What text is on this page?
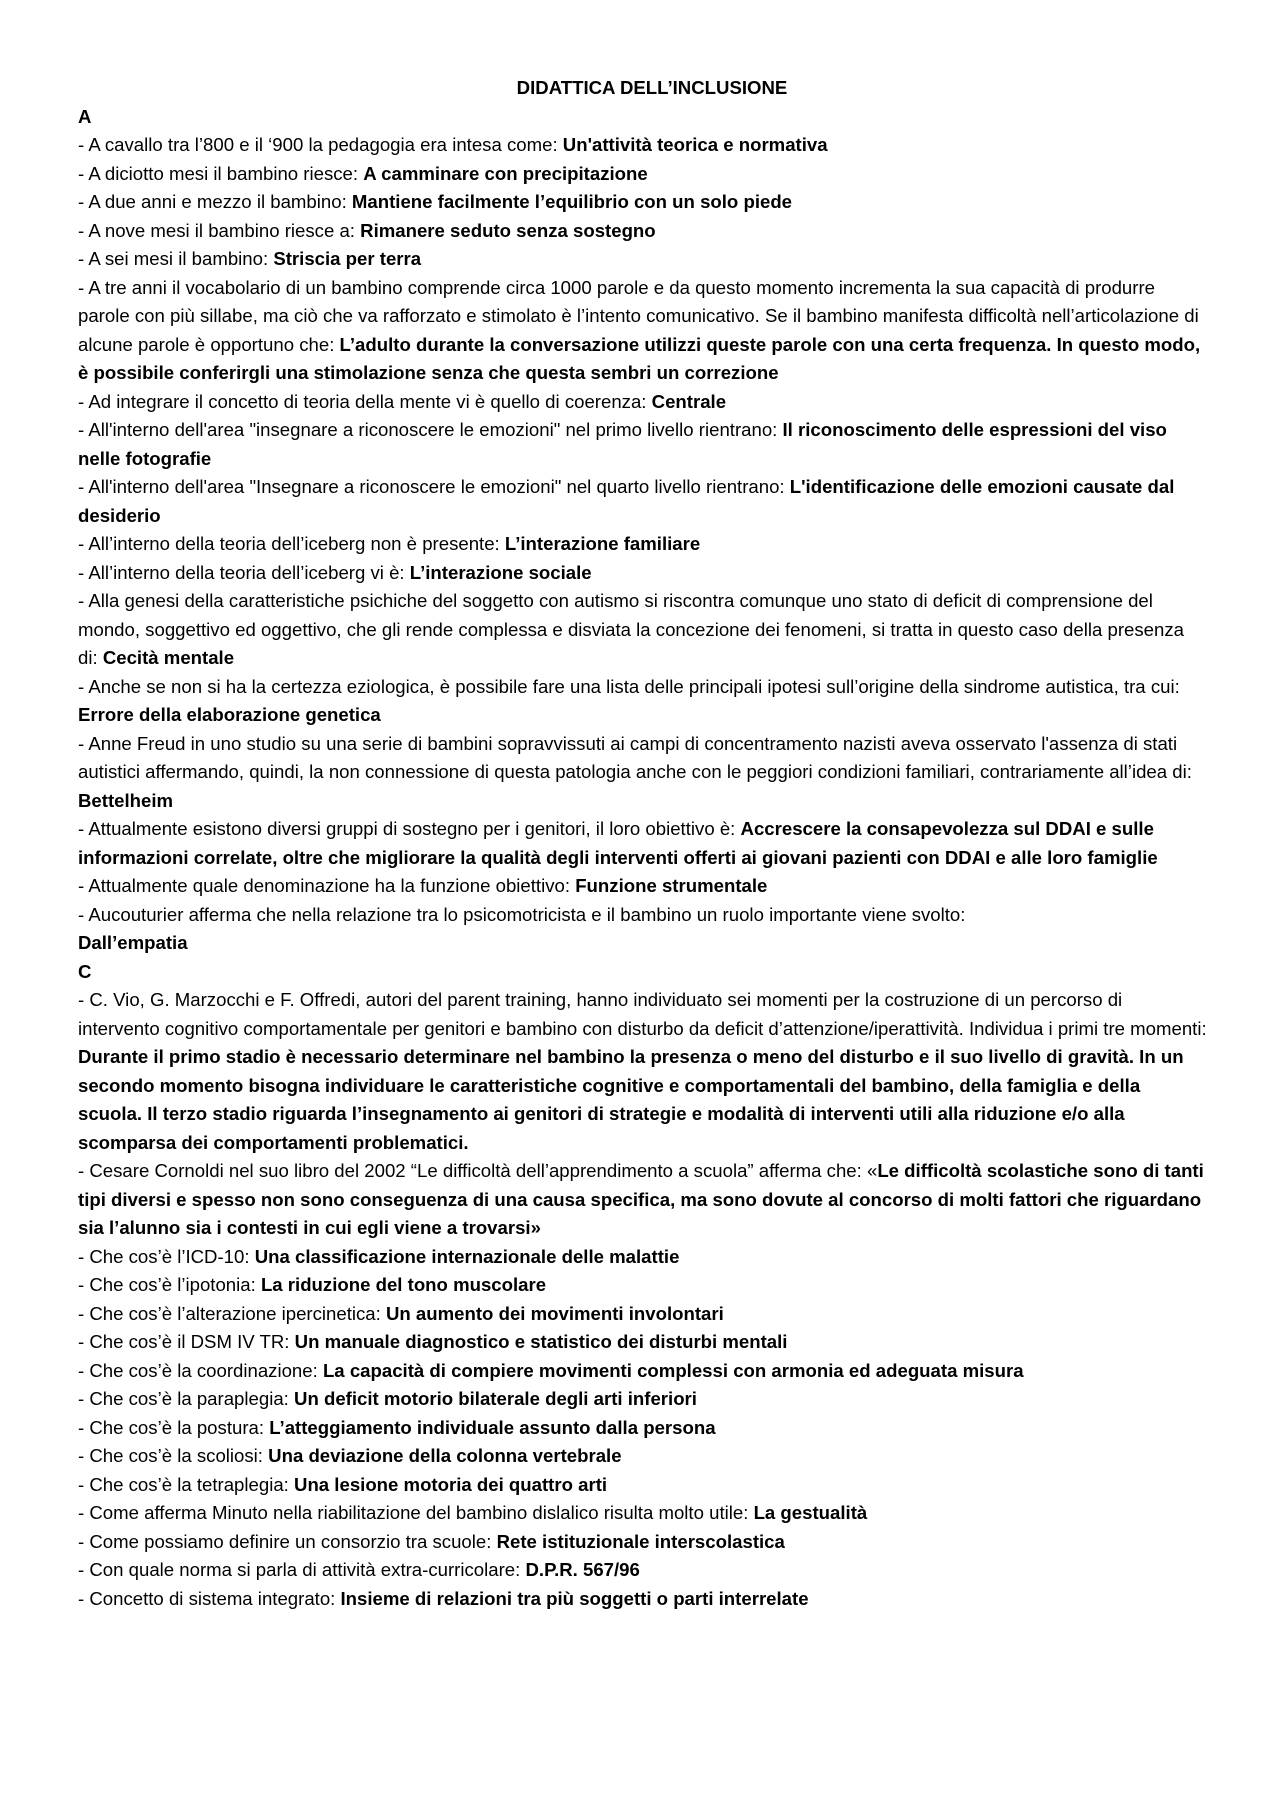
DIDATTICA DELL’INCLUSIONE

A

- A cavallo tra l’800 e il ‘900 la pedagogia era intesa come: Un'attività teorica e normativa

- A diciotto mesi il bambino riesce: A camminare con precipitazione

- A due anni e mezzo il bambino: Mantiene facilmente l’equilibrio con un solo piede

- A nove mesi il bambino riesce a: Rimanere seduto senza sostegno

- A sei mesi il bambino: Striscia per terra

- A tre anni il vocabolario di un bambino comprende circa 1000 parole e da questo momento incrementa la sua capacità di produrre parole con più sillabe, ma ciò che va rafforzato e stimolato è l’intento comunicativo. Se il bambino manifesta difficoltà nell’articolazione di alcune parole è opportuno che: L’adulto durante la conversazione utilizzi queste parole con una certa frequenza. In questo modo, è possibile conferirgli una stimolazione senza che questa sembri un correzione

- Ad integrare il concetto di teoria della mente vi è quello di coerenza: Centrale

- All'interno dell'area "insegnare a riconoscere le emozioni" nel primo livello rientrano: Il riconoscimento delle espressioni del viso nelle fotografie

- All'interno dell'area "Insegnare a riconoscere le emozioni" nel quarto livello rientrano: L'identificazione delle emozioni causate dal desiderio

- All’interno della teoria dell’iceberg non è presente: L’interazione familiare

- All’interno della teoria dell’iceberg vi è: L’interazione sociale

- Alla genesi della caratteristiche psichiche del soggetto con autismo si riscontra comunque uno stato di deficit di comprensione del mondo, soggettivo ed oggettivo, che gli rende complessa e disviata la concezione dei fenomeni, si tratta in questo caso della presenza di: Cecità mentale

- Anche se non si ha la certezza eziologica, è possibile fare una lista delle principali ipotesi sull’origine della sindrome autistica, tra cui: Errore della elaborazione genetica

- Anne Freud in uno studio su una serie di bambini sopravvissuti ai campi di concentramento nazisti aveva osservato l'assenza di stati autistici affermando, quindi, la non connessione di questa patologia anche con le peggiori condizioni familiari, contrariamente all’idea di: Bettelheim

- Attualmente esistono diversi gruppi di sostegno per i genitori, il loro obiettivo è: Accrescere la consapevolezza sul DDAI e sulle informazioni correlate, oltre che migliorare la qualità degli interventi offerti ai giovani pazienti con DDAI e alle loro famiglie

- Attualmente quale denominazione ha la funzione obiettivo: Funzione strumentale

- Aucouturier afferma che nella relazione tra lo psicomotricista e il bambino un ruolo importante viene svolto:
Dall’empatia

C

- C. Vio, G. Marzocchi e F. Offredi, autori del parent training, hanno individuato sei momenti per la costruzione di un percorso di intervento cognitivo comportamentale per genitori e bambino con disturbo da deficit d’attenzione/iperattività. Individua i primi tre momenti: Durante il primo stadio è necessario determinare nel bambino la presenza o meno del disturbo e il suo livello di gravità. In un secondo momento bisogna individuare le caratteristiche cognitive e comportamentali del bambino, della famiglia e della scuola. Il terzo stadio riguarda l’insegnamento ai genitori di strategie e modalità di interventi utili alla riduzione e/o alla scomparsa dei comportamenti problematici.

- Cesare Cornoldi nel suo libro del 2002 “Le difficoltà dell’apprendimento a scuola” afferma che: «Le difficoltà scolastiche sono di tanti tipi diversi e spesso non sono conseguenza di una causa specifica, ma sono dovute al concorso di molti fattori che riguardano sia l’alunno sia i contesti in cui egli viene a trovarsi»

- Che cos’è l’ICD-10: Una classificazione internazionale delle malattie

- Che cos’è l’ipotonia: La riduzione del tono muscolare

- Che cos’è l’alterazione ipercinetica: Un aumento dei movimenti involontari

- Che cos’è il DSM IV TR: Un manuale diagnostico e statistico dei disturbi mentali

- Che cos’è la coordinazione: La capacità di compiere movimenti complessi con armonia ed adeguata misura

- Che cos’è la paraplegia: Un deficit motorio bilaterale degli arti inferiori

- Che cos’è la postura: L’atteggiamento individuale assunto dalla persona

- Che cos’è la scoliosi: Una deviazione della colonna vertebrale

- Che cos’è la tetraplegia: Una lesione motoria dei quattro arti

- Come afferma Minuto nella riabilitazione del bambino dislalico risulta molto utile: La gestualità

- Come possiamo definire un consorzio tra scuole: Rete istituzionale interscolastica

- Con quale norma si parla di attività extra-curricolare: D.P.R. 567/96

- Concetto di sistema integrato: Insieme di relazioni tra più soggetti o parti interrelate
